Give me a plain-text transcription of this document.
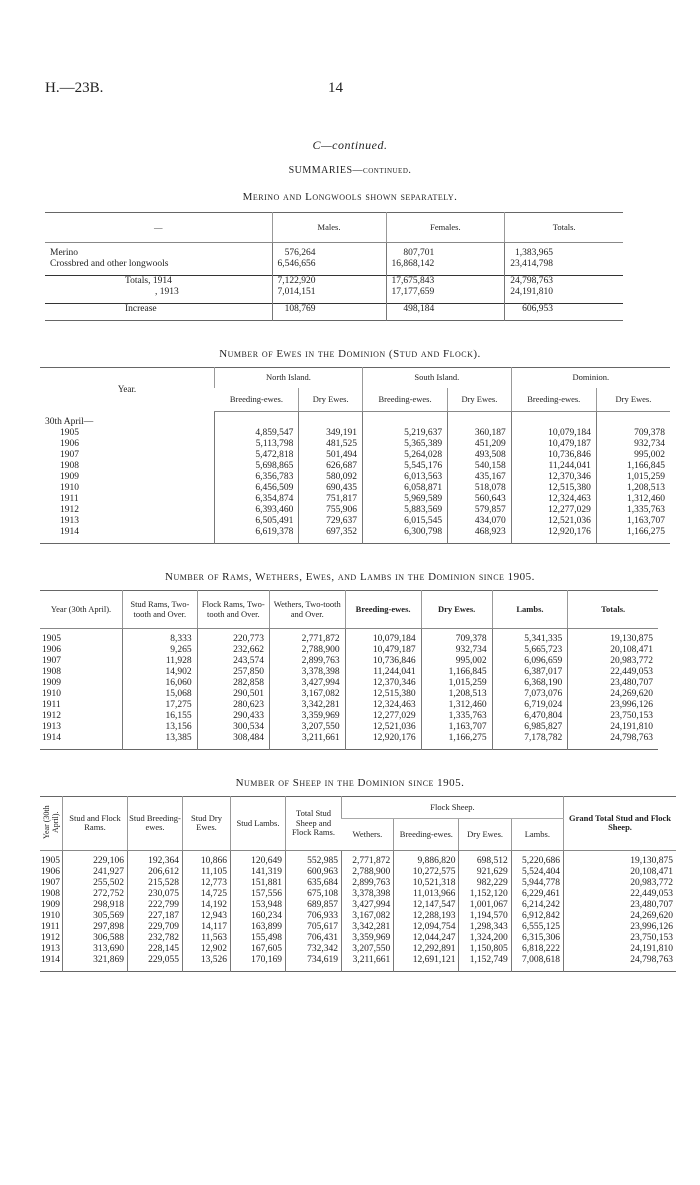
H.—23B.	14
C—continued.
SUMMARIES—continued.
Merino and Longwools shown separately.
—	Males.	Females.	Totals.

Merino	576,264	807,701	1,383,965
Crossbred and other longwools	6,546,656	16,868,142	23,414,798

Totals, 1914	7,122,920	17,675,843	24,798,763
, 1913	7,014,151	17,177,659	24,191,810

Increase	108,769	498,184	606,953

Number of Ewes in the Dominion (Stud and Flock).
Year.	North Island.		South Island.		Dominion.	
	Breeding-ewes.	Dry Ewes.	Breeding-ewes.	Dry Ewes.	Breeding-ewes.	Dry Ewes.

30th April—						
1905	4,859,547	349,191	5,219,637	360,187	10,079,184	709,378
1906	5,113,798	481,525	5,365,389	451,209	10,479,187	932,734
1907	5,472,818	501,494	5,264,028	493,508	10,736,846	995,002
1908	5,698,865	626,687	5,545,176	540,158	11,244,041	1,166,845
1909	6,356,783	580,092	6,013,563	435,167	12,370,346	1,015,259
1910	6,456,509	690,435	6,058,871	518,078	12,515,380	1,208,513
1911	6,354,874	751,817	5,969,589	560,643	12,324,463	1,312,460
1912	6,393,460	755,906	5,883,569	579,857	12,277,029	1,335,763
1913	6,505,491	729,637	6,015,545	434,070	12,521,036	1,163,707
1914	6,619,378	697,352	6,300,798	468,923	12,920,176	1,166,275

Number of Rams, Wethers, Ewes, and Lambs in the Dominion since 1905.
Year (30th April).	Stud Rams, Two-tooth and Over.	Flock Rams, Two-tooth and Over.	Wethers, Two-tooth and Over.	Breeding-ewes.	Dry Ewes.	Lambs.	Totals.

1905	8,333	220,773	2,771,872	10,079,184	709,378	5,341,335	19,130,875
1906	9,265	232,662	2,788,900	10,479,187	932,734	5,665,723	20,108,471
1907	11,928	243,574	2,899,763	10,736,846	995,002	6,096,659	20,983,772
1908	14,902	257,850	3,378,398	11,244,041	1,166,845	6,387,017	22,449,053
1909	16,060	282,858	3,427,994	12,370,346	1,015,259	6,368,190	23,480,707
1910	15,068	290,501	3,167,082	12,515,380	1,208,513	7,073,076	24,269,620
1911	17,275	280,623	3,342,281	12,324,463	1,312,460	6,719,024	23,996,126
1912	16,155	290,433	3,359,969	12,277,029	1,335,763	6,470,804	23,750,153
1913	13,156	300,534	3,207,550	12,521,036	1,163,707	6,985,827	24,191,810
1914	13,385	308,484	3,211,661	12,920,176	1,166,275	7,178,782	24,798,763

Number of Sheep in the Dominion since 1905.
Year (30th April).	Stud and Flock Rams.	Stud Breeding-ewes.	Stud Dry Ewes.	Stud Lambs.	Total Stud Sheep and Flock Rams.	Flock Sheep.				Grand Total Stud and Flock Sheep.
						Wethers.	Breeding-ewes.	Dry Ewes.	Lambs.	

1905	229,106	192,364	10,866	120,649	552,985	2,771,872	9,886,820	698,512	5,220,686	19,130,875
1906	241,927	206,612	11,105	141,319	600,963	2,788,900	10,272,575	921,629	5,524,404	20,108,471
1907	255,502	215,528	12,773	151,881	635,684	2,899,763	10,521,318	982,229	5,944,778	20,983,772
1908	272,752	230,075	14,725	157,556	675,108	3,378,398	11,013,966	1,152,120	6,229,461	22,449,053
1909	298,918	222,799	14,192	153,948	689,857	3,427,994	12,147,547	1,001,067	6,214,242	23,480,707
1910	305,569	227,187	12,943	160,234	706,933	3,167,082	12,288,193	1,194,570	6,912,842	24,269,620
1911	297,898	229,709	14,117	163,899	705,617	3,342,281	12,094,754	1,298,343	6,555,125	23,996,126
1912	306,588	232,782	11,563	155,498	706,431	3,359,969	12,044,247	1,324,200	6,315,306	23,750,153
1913	313,690	228,145	12,902	167,605	732,342	3,207,550	12,292,891	1,150,805	6,818,222	24,191,810
1914	321,869	229,055	13,526	170,169	734,619	3,211,661	12,691,121	1,152,749	7,008,618	24,798,763
